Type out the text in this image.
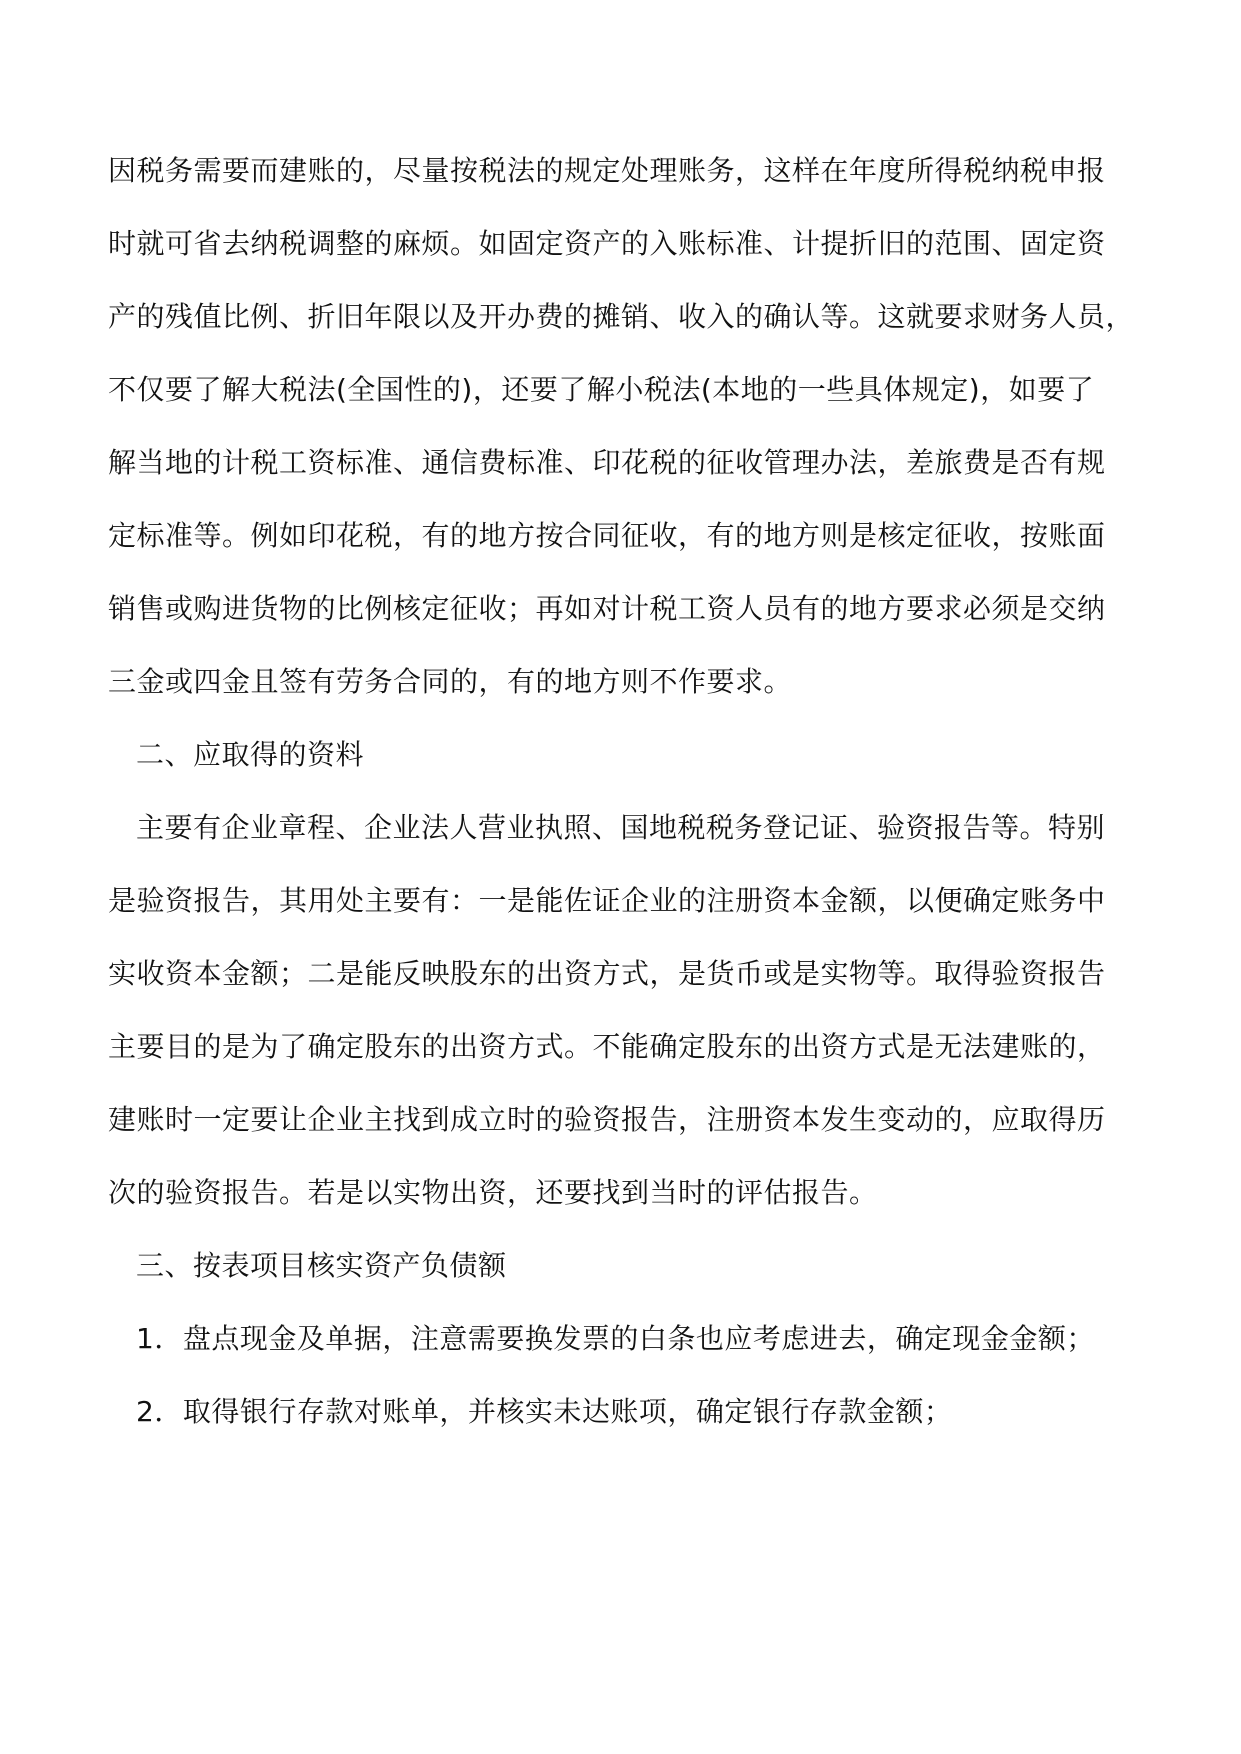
因税务需要而建账的，尽量按税法的规定处理账务，这样在年度所得税纳税申报
时就可省去纳税调整的麻烦。如固定资产的入账标准、计提折旧的范围、固定资
产的残值比例、折旧年限以及开办费的摊销、收入的确认等。这就要求财务人员，
不仅要了解大税法(全国性的)，还要了解小税法(本地的一些具体规定)，如要了
解当地的计税工资标准、通信费标准、印花税的征收管理办法，差旅费是否有规
定标准等。例如印花税，有的地方按合同征收，有的地方则是核定征收，按账面
销售或购进货物的比例核定征收；再如对计税工资人员有的地方要求必须是交纳
三金或四金且签有劳务合同的，有的地方则不作要求。
二、应取得的资料
主要有企业章程、企业法人营业执照、国地税税务登记证、验资报告等。特别
是验资报告，其用处主要有：一是能佐证企业的注册资本金额，以便确定账务中
实收资本金额；二是能反映股东的出资方式，是货币或是实物等。取得验资报告
主要目的是为了确定股东的出资方式。不能确定股东的出资方式是无法建账的，
建账时一定要让企业主找到成立时的验资报告，注册资本发生变动的，应取得历
次的验资报告。若是以实物出资，还要找到当时的评估报告。
三、按表项目核实资产负债额
1．盘点现金及单据，注意需要换发票的白条也应考虑进去，确定现金金额；
2．取得银行存款对账单，并核实未达账项，确定银行存款金额；
